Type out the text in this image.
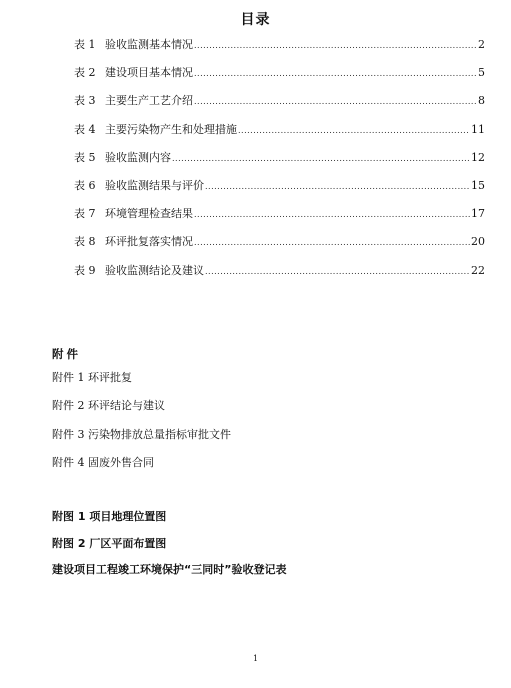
目录
表 1 验收监测基本情况 .....	2
表 2 建设项目基本情况 .....	5
表 3 主要生产工艺介绍 .....	8
表 4 主要污染物产生和处理措施 .....	11
表 5 验收监测内容 .....	12
表 6 验收监测结果与评价 .....	15
表 7 环境管理检查结果 .....	17
表 8 环评批复落实情况 .....	20
表 9 验收监测结论及建议 .....	22
附件
附件 1 环评批复
附件 2 环评结论与建议
附件 3 污染物排放总量指标审批文件
附件 4 固废外售合同
附图 1 项目地理位置图
附图 2 厂区平面布置图
建设项目工程竣工环境保护“三同时”验收登记表
1
